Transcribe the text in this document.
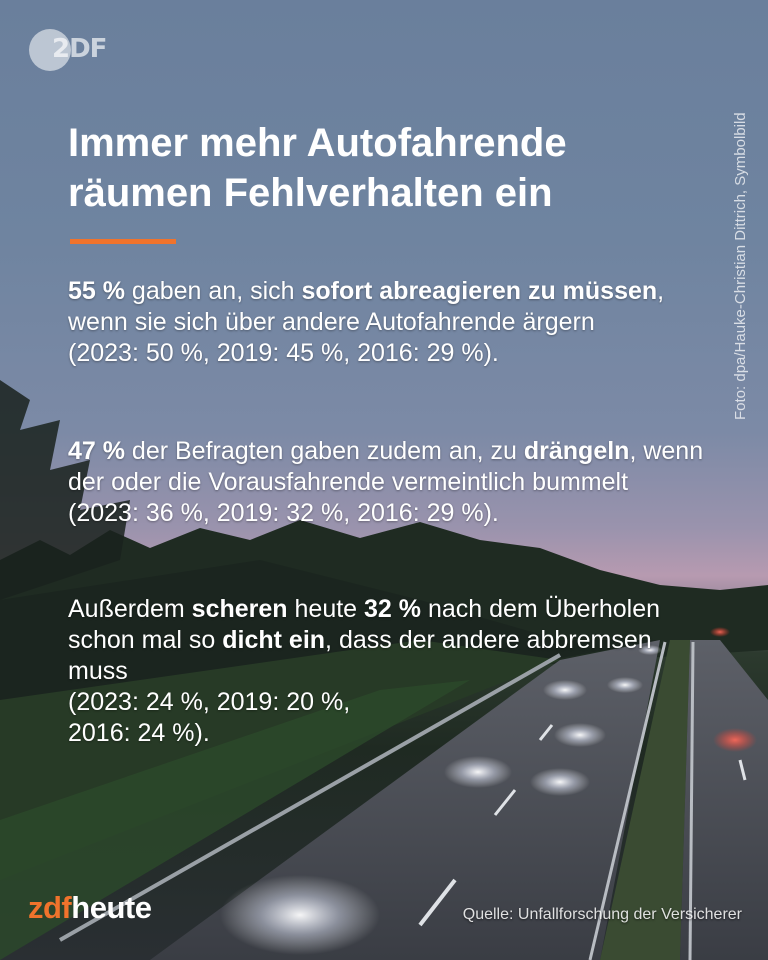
2DF
Immer mehr Autofahrende räumen Fehlverhalten ein

55 % gaben an, sich sofort abreagieren zu müssen, wenn sie sich über andere Autofahrende ärgern
(2023: 50 %, 2019: 45 %, 2016: 29 %).

47 % der Befragten gaben zudem an, zu drängeln, wenn der oder die Vorausfahrende vermeintlich bummelt
(2023: 36 %, 2019: 32 %, 2016: 29 %).

Außerdem scheren heute 32 % nach dem Überholen schon mal so dicht ein, dass der andere abbremsen muss
(2023: 24 %, 2019: 20 %,
2016: 24 %).

Foto: dpa/Hauke-Christian Dittrich, Symbolbild
zdfheute	Quelle: Unfallforschung der Versicherer
